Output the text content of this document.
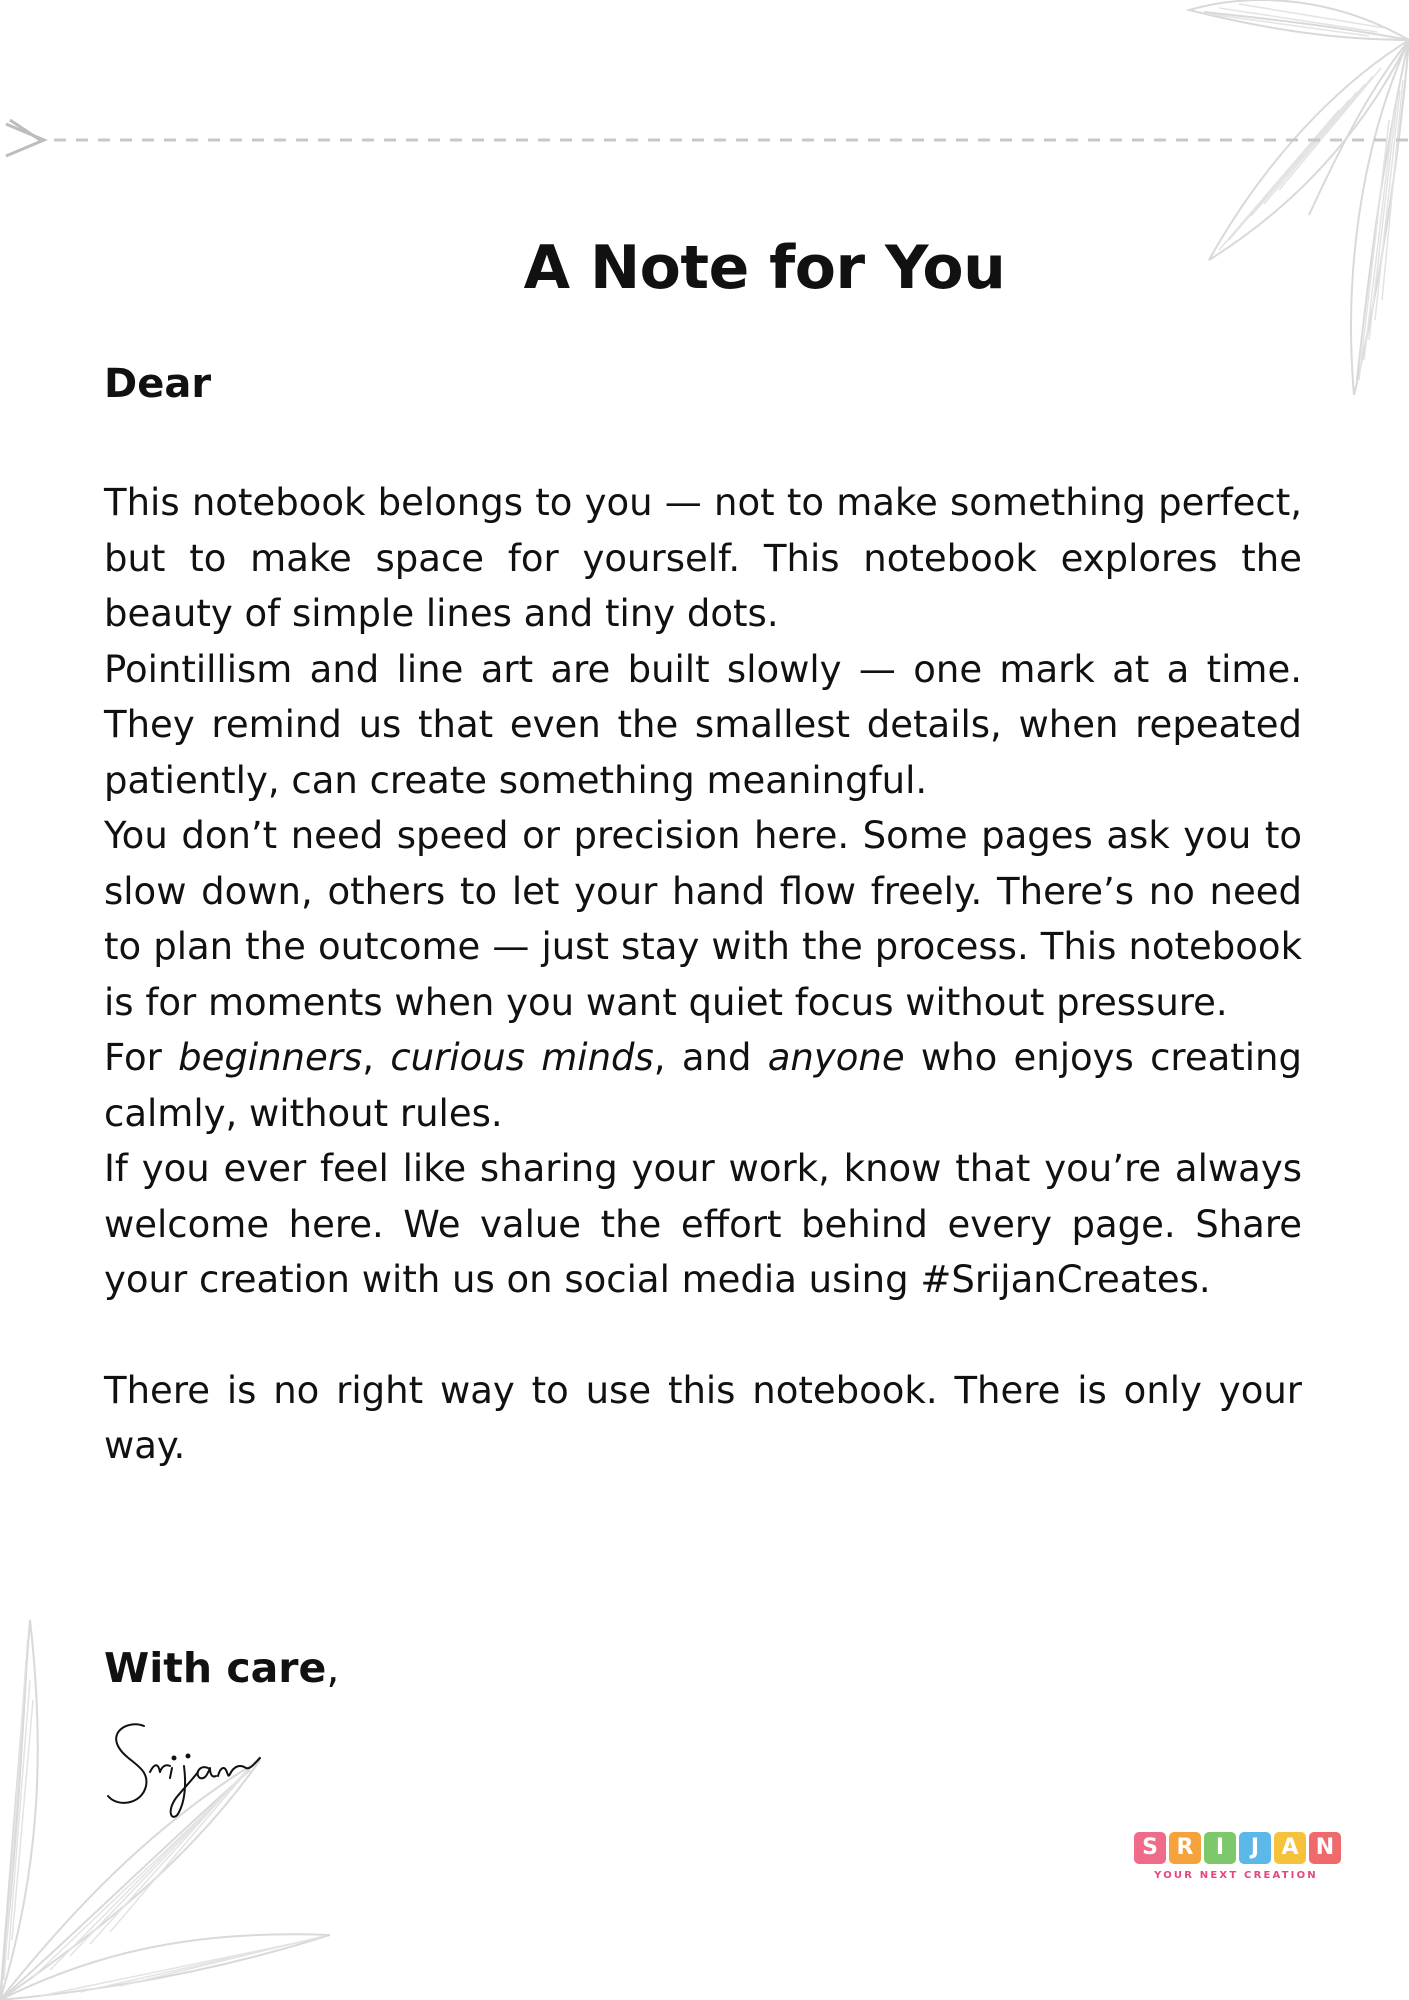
A Note for You
Dear

This notebook belongs to you — not to make something perfect, but to make space for yourself. This notebook explores the beauty of simple lines and tiny dots.

Pointillism and line art are built slowly — one mark at a time. They remind us that even the smallest details, when repeated patiently, can create something meaningful.

You don’t need speed or precision here. Some pages ask you to slow down, others to let your hand flow freely. There’s no need to plan the outcome — just stay with the process. This notebook is for moments when you want quiet focus without pressure.

For beginners, curious minds, and anyone who enjoys creating calmly, without rules.

If you ever feel like sharing your work, know that you’re always welcome here. We value the effort behind every page. Share your creation with us on social media using #SrijanCreates.

There is no right way to use this notebook. There is only your way.

With care,

S R	I	J	A N
YOUR NEXT CREATION
